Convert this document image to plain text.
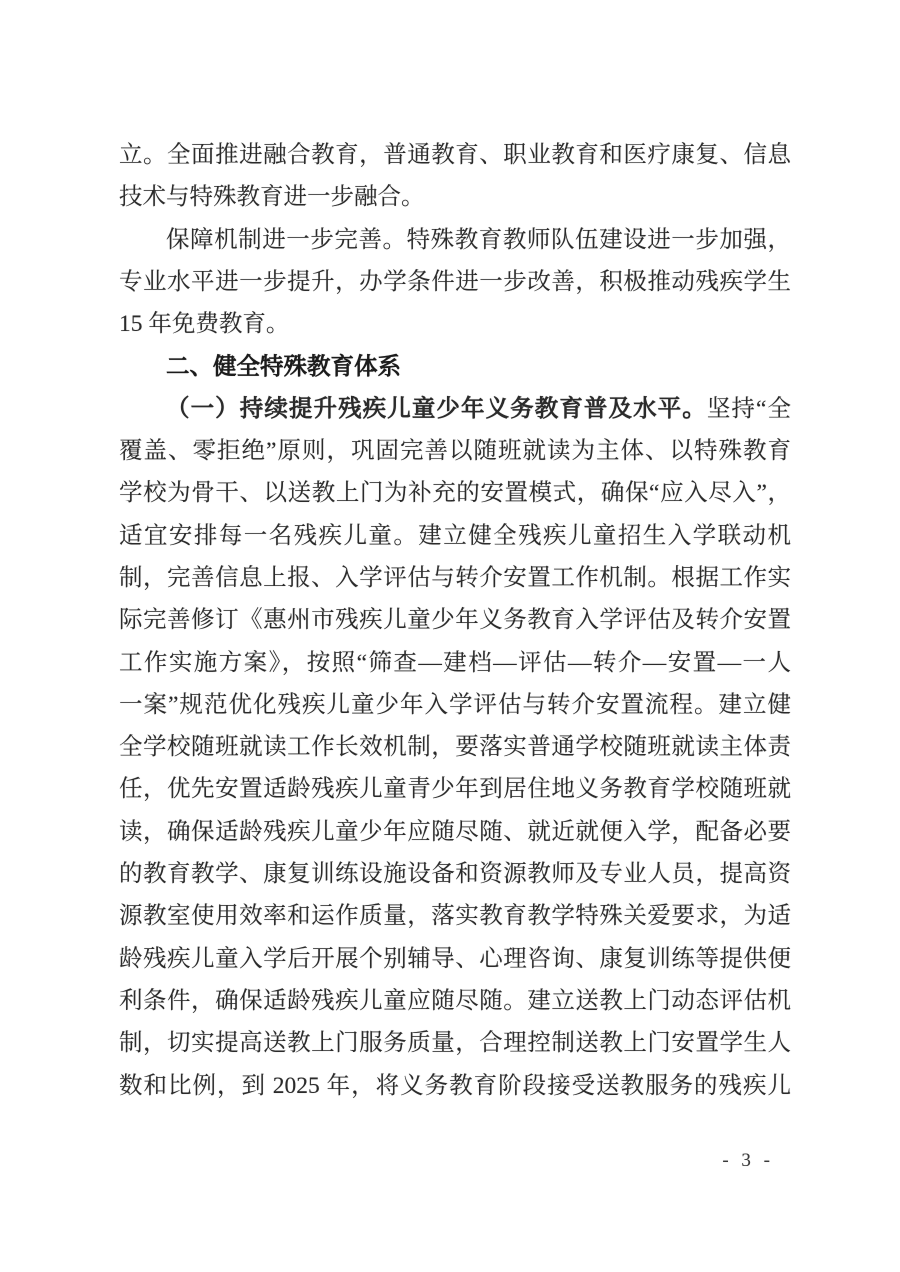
立。全面推进融合教育，普通教育、职业教育和医疗康复、信息
技术与特殊教育进一步融合。
保障机制进一步完善。特殊教育教师队伍建设进一步加强，
专业水平进一步提升，办学条件进一步改善，积极推动残疾学生
15 年免费教育。
二、健全特殊教育体系
（一）持续提升残疾儿童少年义务教育普及水平。坚持“全
覆盖、零拒绝”原则，巩固完善以随班就读为主体、以特殊教育
学校为骨干、以送教上门为补充的安置模式，确保“应入尽入”，
适宜安排每一名残疾儿童。建立健全残疾儿童招生入学联动机
制，完善信息上报、入学评估与转介安置工作机制。根据工作实
际完善修订《惠州市残疾儿童少年义务教育入学评估及转介安置
工作实施方案》，按照“筛查—建档—评估—转介—安置—一人
一案”规范优化残疾儿童少年入学评估与转介安置流程。建立健
全学校随班就读工作长效机制，要落实普通学校随班就读主体责
任，优先安置适龄残疾儿童青少年到居住地义务教育学校随班就
读，确保适龄残疾儿童少年应随尽随、就近就便入学，配备必要
的教育教学、康复训练设施设备和资源教师及专业人员，提高资
源教室使用效率和运作质量，落实教育教学特殊关爱要求，为适
龄残疾儿童入学后开展个别辅导、心理咨询、康复训练等提供便
利条件，确保适龄残疾儿童应随尽随。建立送教上门动态评估机
制，切实提高送教上门服务质量，合理控制送教上门安置学生人
数和比例，到 2025 年，将义务教育阶段接受送教服务的残疾儿
- 3 -
